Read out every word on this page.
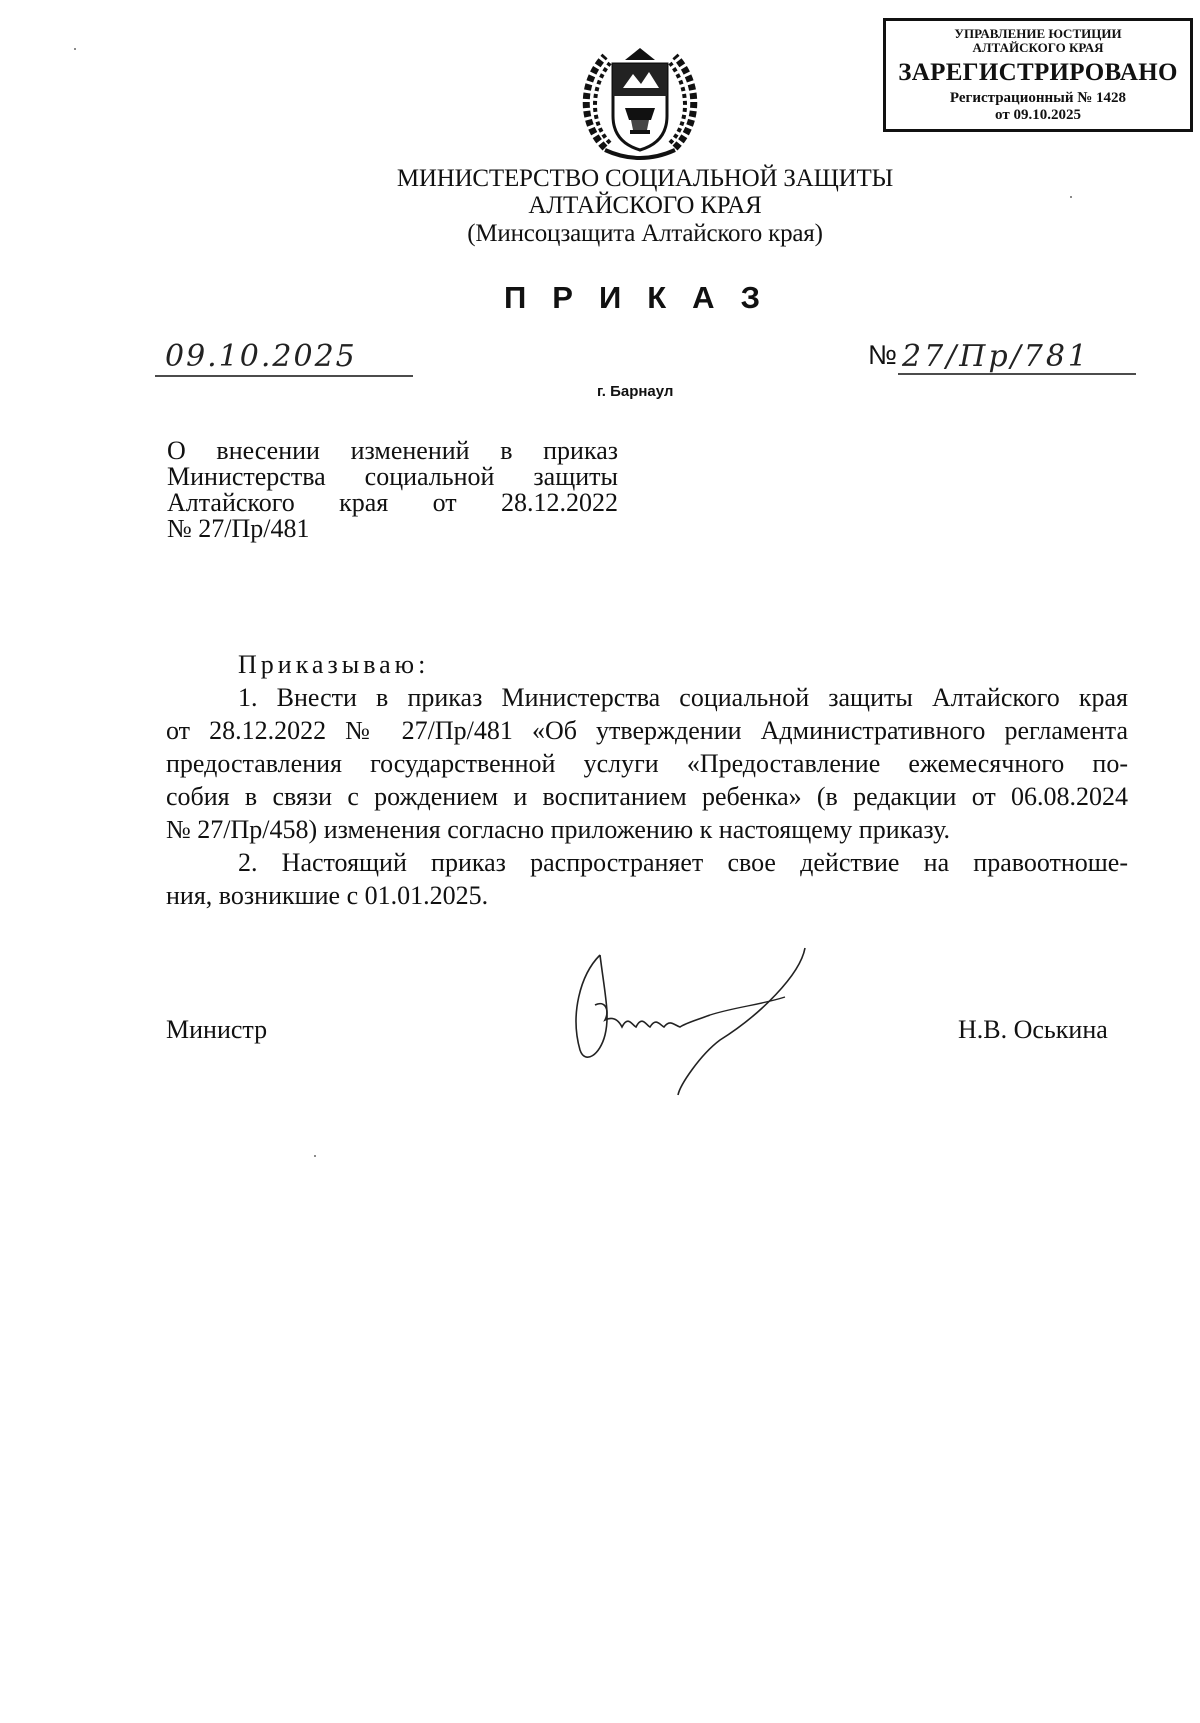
УПРАВЛЕНИЕ ЮСТИЦИИ
АЛТАЙСКОГО КРАЯ
ЗАРЕГИСТРИРОВАНО
Регистрационный № 1428
от 09.10.2025
МИНИСТЕРСТВО СОЦИАЛЬНОЙ ЗАЩИТЫ
АЛТАЙСКОГО КРАЯ
(Минсоцзащита Алтайского края)
ПРИКАЗ
09.10.2025	№ 27/Пр/781
г. Барнаул
О внесении изменений в приказ
Министерства социальной защиты
Алтайского края от 28.12.2022
№ 27/Пр/481

Приказываю:

1. Внести в приказ Министерства социальной защиты Алтайского края

от 28.12.2022 № 27/Пр/481 «Об утверждении Административного регламента

предоставления государственной услуги «Предоставление ежемесячного по-

собия в связи с рождением и воспитанием ребенка» (в редакции от 06.08.2024

№ 27/Пр/458) изменения согласно приложению к настоящему приказу.

2. Настоящий приказ распространяет свое действие на правоотноше-

ния, возникшие с 01.01.2025.

Министр	Н.В. Оськина
